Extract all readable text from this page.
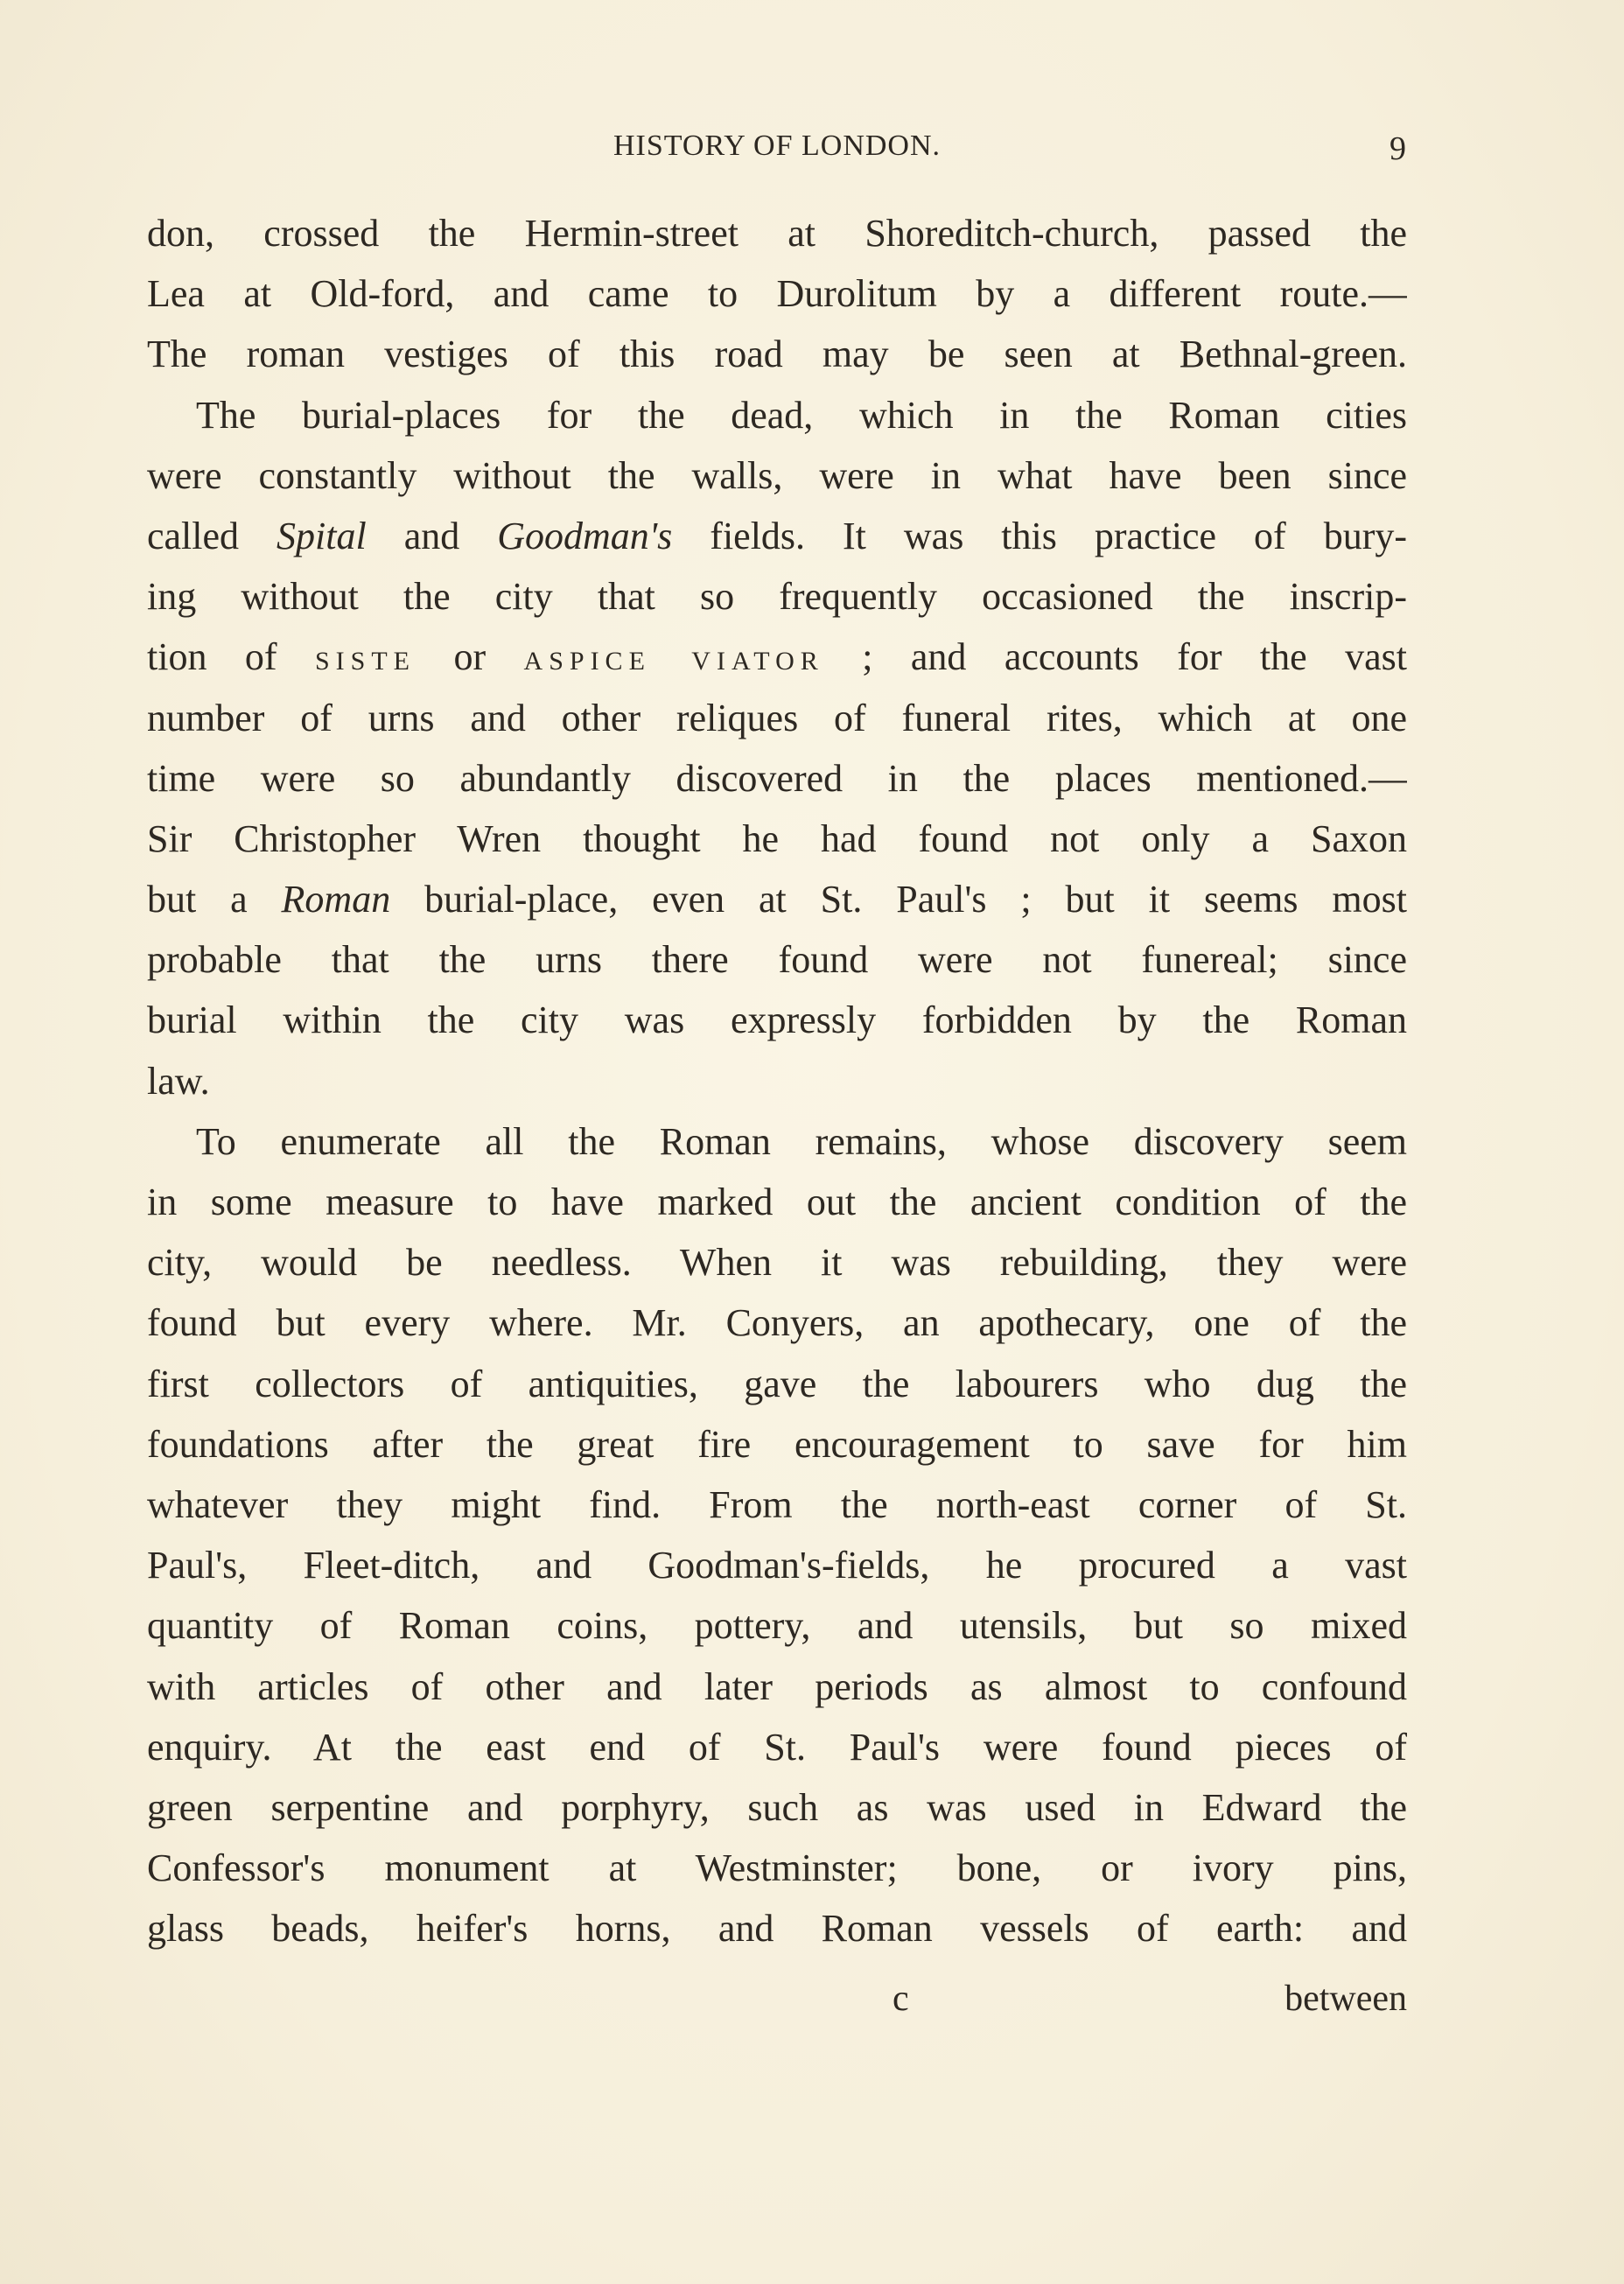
HISTORY OF LONDON.	9
don, crossed the Hermin-street at Shoreditch-church, passed the
Lea at Old-ford, and came to Durolitum by a different route.—
The roman vestiges of this road may be seen at Bethnal-green.
The burial-places for the dead, which in the Roman cities
were constantly without the walls, were in what have been since
called Spital and Goodman's fields. It was this practice of bury-
ing without the city that so frequently occasioned the inscrip-
tion of SISTE or ASPICE VIATOR ; and accounts for the vast
number of urns and other reliques of funeral rites, which at one
time were so abundantly discovered in the places mentioned.—
Sir Christopher Wren thought he had found not only a Saxon
but a Roman burial-place, even at St. Paul's ; but it seems most
probable that the urns there found were not funereal; since
burial within the city was expressly forbidden by the Roman
law.
To enumerate all the Roman remains, whose discovery seem
in some measure to have marked out the ancient condition of the
city, would be needless. When it was rebuilding, they were
found but every where. Mr. Conyers, an apothecary, one of the
first collectors of antiquities, gave the labourers who dug the
foundations after the great fire encouragement to save for him
whatever they might find. From the north-east corner of St.
Paul's, Fleet-ditch, and Goodman's-fields, he procured a vast
quantity of Roman coins, pottery, and utensils, but so mixed
with articles of other and later periods as almost to confound
enquiry. At the east end of St. Paul's were found pieces of
green serpentine and porphyry, such as was used in Edward the
Confessor's monument at Westminster; bone, or ivory pins,
glass beads, heifer's horns, and Roman vessels of earth: and
c	between
